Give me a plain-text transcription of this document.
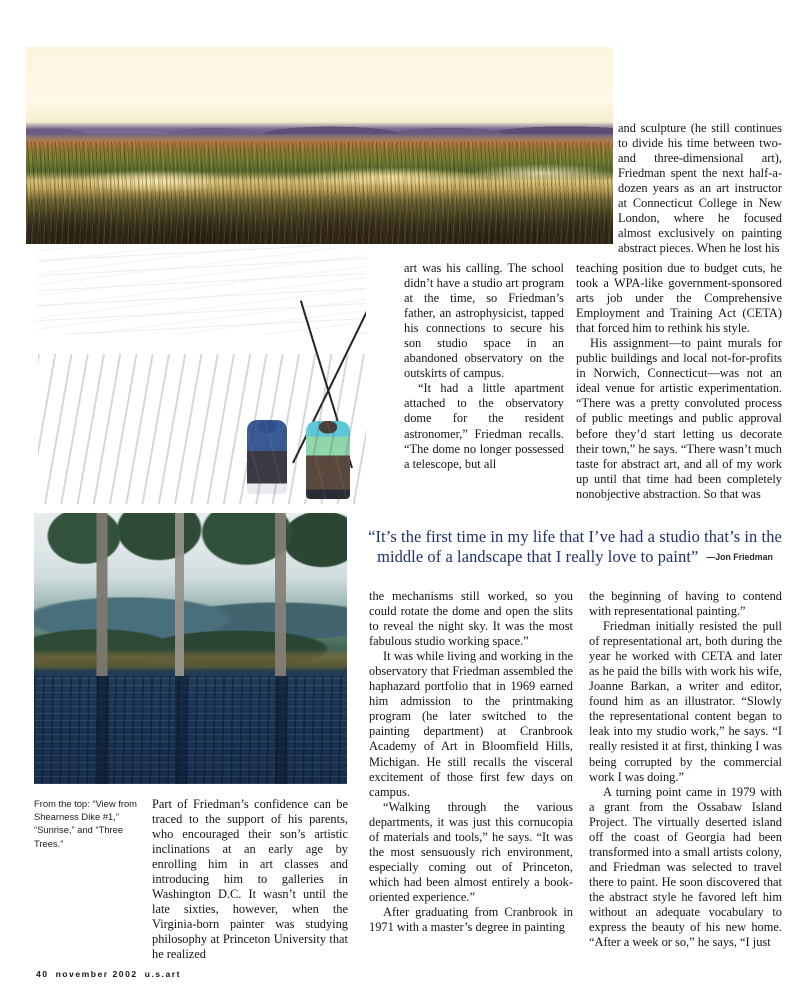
From the top: “View from Shearness Dike #1,” “Sunrise,” and “Three Trees.”
“It’s the first time in my life that I’ve had a studio that’s in the middle of a landscape that I really love to paint” —Jon Friedman

and sculpture (he still continues to divide his time between two- and three-dimensional art), Friedman spent the next half-a-dozen years as an art instructor at Connecticut College in New London, where he focused almost exclusively on painting abstract pieces. When he lost his

art was his calling. The school didn’t have a studio art program at the time, so Friedman’s father, an astrophysicist, tapped his connections to secure his son studio space in an abandoned observatory on the outskirts of campus.

“It had a little apartment attached to the observatory dome for the resident astronomer,” Friedman recalls. “The dome no longer possessed a telescope, but all

teaching position due to budget cuts, he took a WPA-like government-sponsored arts job under the Comprehensive Employment and Training Act (CETA) that forced him to rethink his style.

His assignment—to paint murals for public buildings and local not-for-profits in Norwich, Connecticut—was not an ideal venue for artistic experimentation. “There was a pretty convoluted process of public meetings and public approval before they’d start letting us decorate their town,” he says. “There wasn’t much taste for abstract art, and all of my work up until that time had been completely nonobjective abstraction. So that was

the mechanisms still worked, so you could rotate the dome and open the slits to reveal the night sky. It was the most fabulous studio working space.”

It was while living and working in the observatory that Friedman assembled the haphazard portfolio that in 1969 earned him admission to the printmaking program (he later switched to the painting department) at Cranbrook Academy of Art in Bloomfield Hills, Michigan. He still recalls the visceral excitement of those first few days on campus.

“Walking through the various departments, it was just this cornucopia of materials and tools,” he says. “It was the most sensuously rich environment, especially coming out of Princeton, which had been almost entirely a book-oriented experience.”

After graduating from Cranbrook in 1971 with a master’s degree in painting

the beginning of having to contend with representational painting.”

Friedman initially resisted the pull of representational art, both during the year he worked with CETA and later as he paid the bills with work his wife, Joanne Barkan, a writer and editor, found him as an illustrator. “Slowly the representational content began to leak into my studio work,” he says. “I really resisted it at first, thinking I was being corrupted by the commercial work I was doing.”

A turning point came in 1979 with a grant from the Ossabaw Island Project. The virtually deserted island off the coast of Georgia had been transformed into a small artists colony, and Friedman was selected to travel there to paint. He soon discovered that the abstract style he favored left him without an adequate vocabulary to express the beauty of his new home. “After a week or so,” he says, “I just

Part of Friedman’s confidence can be traced to the support of his parents, who encouraged their son’s artistic inclinations at an early age by enrolling him in art classes and introducing him to galleries in Washington D.C. It wasn’t until the late sixties, however, when the Virginia-born painter was studying philosophy at Princeton University that he realized

40 november 2002 u.s.art
